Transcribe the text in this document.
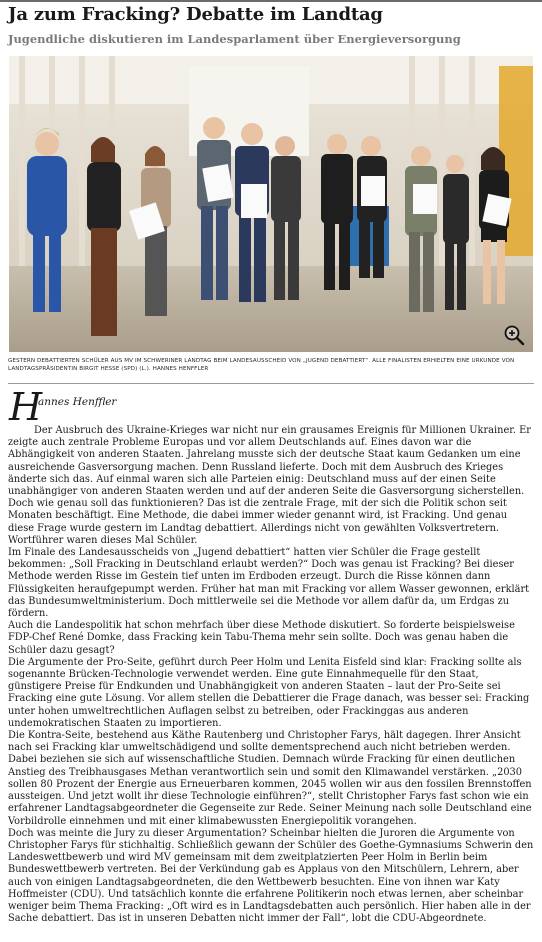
Ja zum Fracking? Debatte im Landtag
Jugendliche diskutieren im Landesparlament über Energieversorgung

GESTERN DEBATTIERTEN SCHÜLER AUS MV IM SCHWERINER LANDTAG BEIM LANDESAUSSCHEID VON „JUGEND DEBATTIERT“. ALLE FINALISTEN ERHIELTEN EINE URKUNDE VON LANDTAGSPRÄSIDENTIN BIRGIT HESSE (SPD) (L.). HANNES HENFFLER

H
annes Henffler

Der Ausbruch des Ukraine-Krieges war nicht nur ein grausames Ereignis für Millionen Ukrainer. Er zeigte auch zentrale Probleme Europas und vor allem Deutschlands auf. Eines davon war die Abhängigkeit von anderen Staaten. Jahrelang musste sich der deutsche Staat kaum Gedanken um eine ausreichende Gasversorgung machen. Denn Russland lieferte. Doch mit dem Ausbruch des Krieges änderte sich das. Auf einmal waren sich alle Parteien einig: Deutschland muss auf der einen Seite unabhängiger von anderen Staaten werden und auf der anderen Seite die Gasversorgung sicherstellen. Doch wie genau soll das funktionieren? Das ist die zentrale Frage, mit der sich die Politik schon seit Monaten beschäftigt. Eine Methode, die dabei immer wieder genannt wird, ist Fracking. Und genau diese Frage wurde gestern im Landtag debattiert. Allerdings nicht von gewählten Volksvertretern. Wortführer waren dieses Mal Schüler.

Im Finale des Landesausscheids von „Jugend debattiert“ hatten vier Schüler die Frage gestellt bekommen: „Soll Fracking in Deutschland erlaubt werden?“ Doch was genau ist Fracking? Bei dieser Methode werden Risse im Gestein tief unten im Erdboden erzeugt. Durch die Risse können dann Flüssigkeiten heraufgepumpt werden. Früher hat man mit Fracking vor allem Wasser gewonnen, erklärt das Bundesumweltministerium. Doch mittlerweile sei die Methode vor allem dafür da, um Erdgas zu fördern.

Auch die Landespolitik hat schon mehrfach über diese Methode diskutiert. So forderte beispielsweise FDP-Chef René Domke, dass Fracking kein Tabu-Thema mehr sein sollte. Doch was genau haben die Schüler dazu gesagt?

Die Argumente der Pro-Seite, geführt durch Peer Holm und Lenita Eisfeld sind klar: Fracking sollte als sogenannte Brücken-Technologie verwendet werden. Eine gute Einnahmequelle für den Staat, günstigere Preise für Endkunden und Unabhängigkeit von anderen Staaten – laut der Pro-Seite sei Fracking eine gute Lösung. Vor allem stellen die Debattierer die Frage danach, was besser sei: Fracking unter hohen umweltrechtlichen Auflagen selbst zu betreiben, oder Frackinggas aus anderen undemokratischen Staaten zu importieren.

Die Kontra-Seite, bestehend aus Käthe Rautenberg und Christopher Farys, hält dagegen. Ihrer Ansicht nach sei Fracking klar umweltschädigend und sollte dementsprechend auch nicht betrieben werden. Dabei beziehen sie sich auf wissenschaftliche Studien. Demnach würde Fracking für einen deutlichen Anstieg des Treibhausgases Methan verantwortlich sein und somit den Klimawandel verstärken. „2030 sollen 80 Prozent der Energie aus Erneuerbaren kommen, 2045 wollen wir aus den fossilen Brennstoffen aussteigen. Und jetzt wollt ihr diese Technologie einführen?“, stellt Christopher Farys fast schon wie ein erfahrener Landtagsabgeordneter die Gegenseite zur Rede. Seiner Meinung nach solle Deutschland eine Vorbildrolle einnehmen und mit einer klimabewussten Energiepolitik vorangehen.

Doch was meinte die Jury zu dieser Argumentation? Scheinbar hielten die Juroren die Argumente von Christopher Farys für stichhaltig. Schließlich gewann der Schüler des Goethe-Gymnasiums Schwerin den Landeswettbewerb und wird MV gemeinsam mit dem zweitplatzierten Peer Holm in Berlin beim Bundeswettbewerb vertreten. Bei der Verkündung gab es Applaus von den Mitschülern, Lehrern, aber auch von einigen Landtagsabgeordneten, die den Wettbewerb besuchten. Eine von ihnen war Katy Hoffmeister (CDU). Und tatsächlich konnte die erfahrene Politikerin noch etwas lernen, aber scheinbar weniger beim Thema Fracking: „Oft wird es in Landtagsdebatten auch persönlich. Hier haben alle in der Sache debattiert. Das ist in unseren Debatten nicht immer der Fall“, lobt die CDU-Abgeordnete.
